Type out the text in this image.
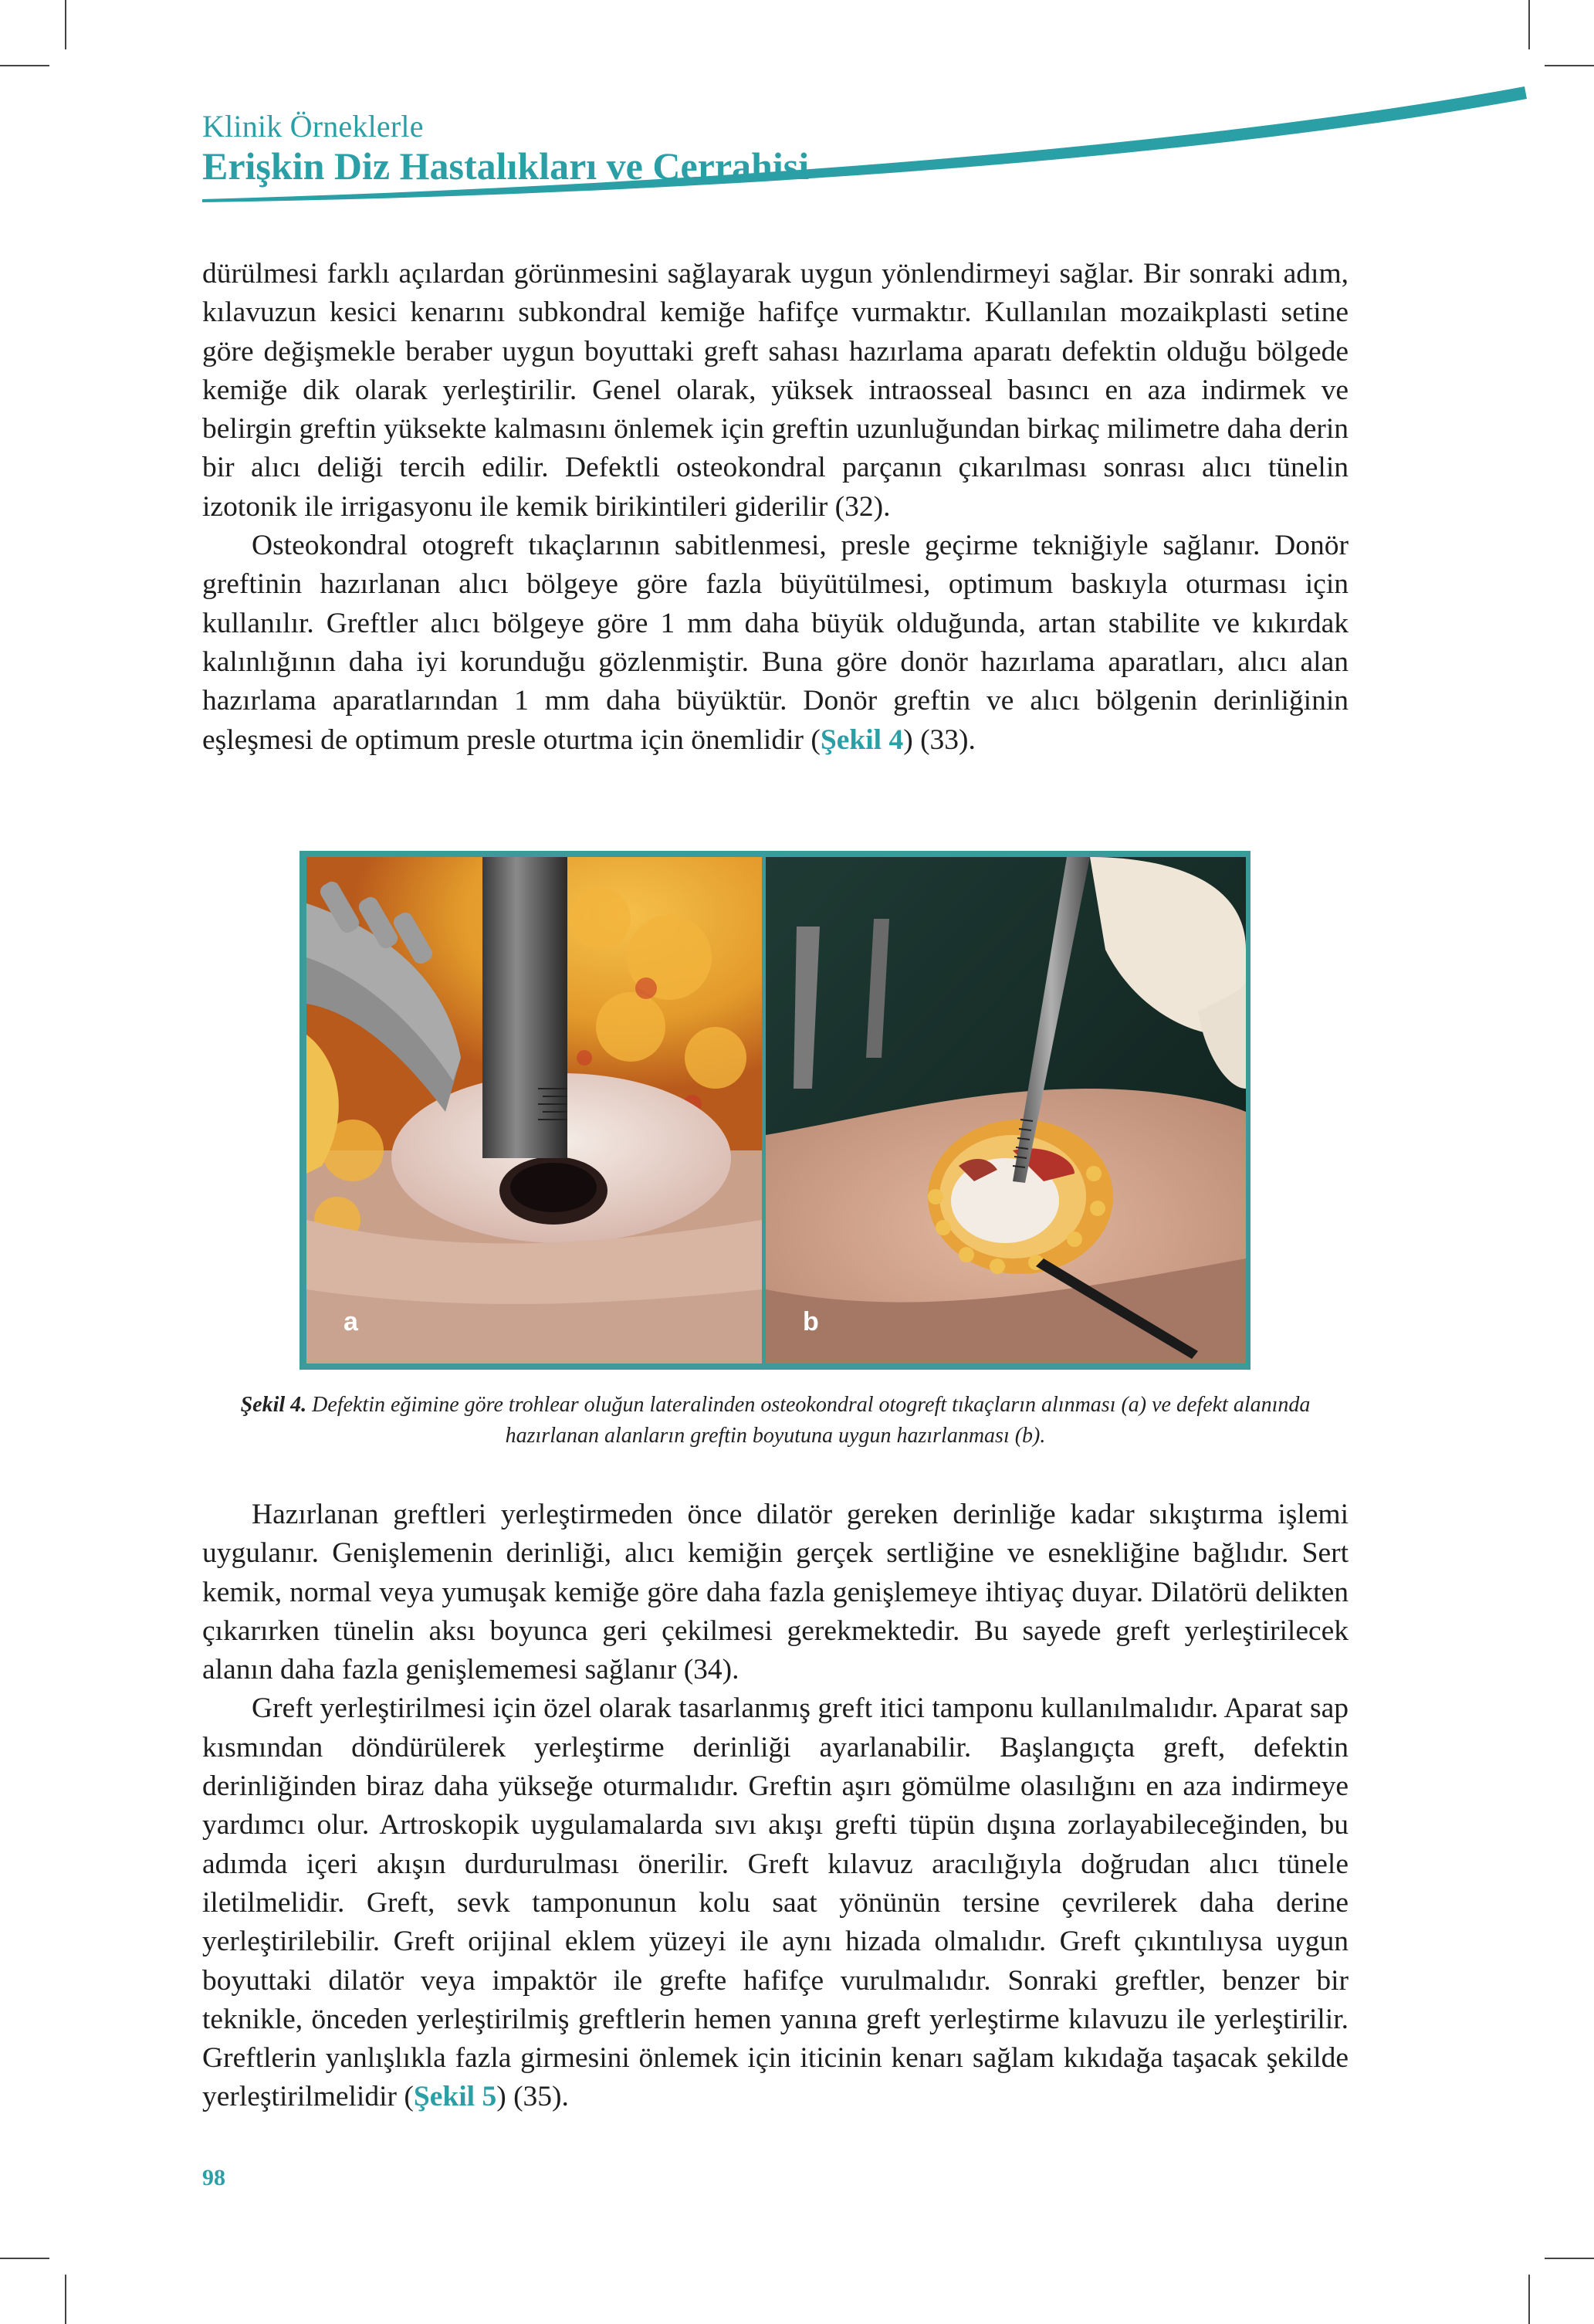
Klinik Örneklerle
Erişkin Diz Hastalıkları ve Cerrahisi

dürülmesi farklı açılardan görünmesini sağlayarak uygun yönlendirmeyi sağlar. Bir sonraki adım, kılavuzun kesici kenarını subkondral kemiğe hafifçe vurmaktır. Kullanılan mozaikplasti setine göre değişmekle beraber uygun boyuttaki greft sahası hazırlama aparatı defektin olduğu bölgede kemiğe dik olarak yerleştirilir. Genel olarak, yüksek intraosseal basıncı en aza indirmek ve belirgin greftin yüksekte kalmasını önlemek için greftin uzunluğundan birkaç milimetre daha derin bir alıcı deliği tercih edilir. Defektli osteokondral parçanın çıkarılması sonrası alıcı tünelin izotonik ile irrigasyonu ile kemik birikintileri giderilir (32).

Osteokondral otogreft tıkaçlarının sabitlenmesi, presle geçirme tekniğiyle sağlanır. Donör greftinin hazırlanan alıcı bölgeye göre fazla büyütülmesi, optimum baskıyla oturması için kullanılır. Greftler alıcı bölgeye göre 1 mm daha büyük olduğunda, artan stabilite ve kıkırdak kalınlığının daha iyi korunduğu gözlenmiştir. Buna göre donör hazırlama aparatları, alıcı alan hazırlama aparatlarından 1 mm daha büyüktür. Donör greftin ve alıcı bölgenin derinliğinin eşleşmesi de optimum presle oturtma için önemlidir (Şekil 4) (33).

a	b
Şekil 4. Defektin eğimine göre trohlear oluğun lateralinden osteokondral otogreft tıkaçların alınması (a) ve defekt alanında hazırlanan alanların greftin boyutuna uygun hazırlanması (b).

Hazırlanan greftleri yerleştirmeden önce dilatör gereken derinliğe kadar sıkıştırma işlemi uygulanır. Genişlemenin derinliği, alıcı kemiğin gerçek sertliğine ve esnekliğine bağlıdır. Sert kemik, normal veya yumuşak kemiğe göre daha fazla genişlemeye ihtiyaç duyar. Dilatörü delikten çıkarırken tünelin aksı boyunca geri çekilmesi gerekmektedir. Bu sayede greft yerleştirilecek alanın daha fazla genişlememesi sağlanır (34).

Greft yerleştirilmesi için özel olarak tasarlanmış greft itici tamponu kullanılmalıdır. Aparat sap kısmından döndürülerek yerleştirme derinliği ayarlanabilir. Başlangıçta greft, defektin derinliğinden biraz daha yükseğe oturmalıdır. Greftin aşırı gömülme olasılığını en aza indirmeye yardımcı olur. Artroskopik uygulamalarda sıvı akışı grefti tüpün dışına zorlayabileceğinden, bu adımda içeri akışın durdurulması önerilir. Greft kılavuz aracılığıyla doğrudan alıcı tünele iletilmelidir. Greft, sevk tamponunun kolu saat yönünün tersine çevrilerek daha derine yerleştirilebilir. Greft orijinal eklem yüzeyi ile aynı hizada olmalıdır. Greft çıkıntılıysa uygun boyuttaki dilatör veya impaktör ile grefte hafifçe vurulmalıdır. Sonraki greftler, benzer bir teknikle, önceden yerleştirilmiş greftlerin hemen yanına greft yerleştirme kılavuzu ile yerleştirilir. Greftlerin yanlışlıkla fazla girmesini önlemek için iticinin kenarı sağlam kıkıdağa taşacak şekilde yerleştirilmelidir (Şekil 5) (35).

98
